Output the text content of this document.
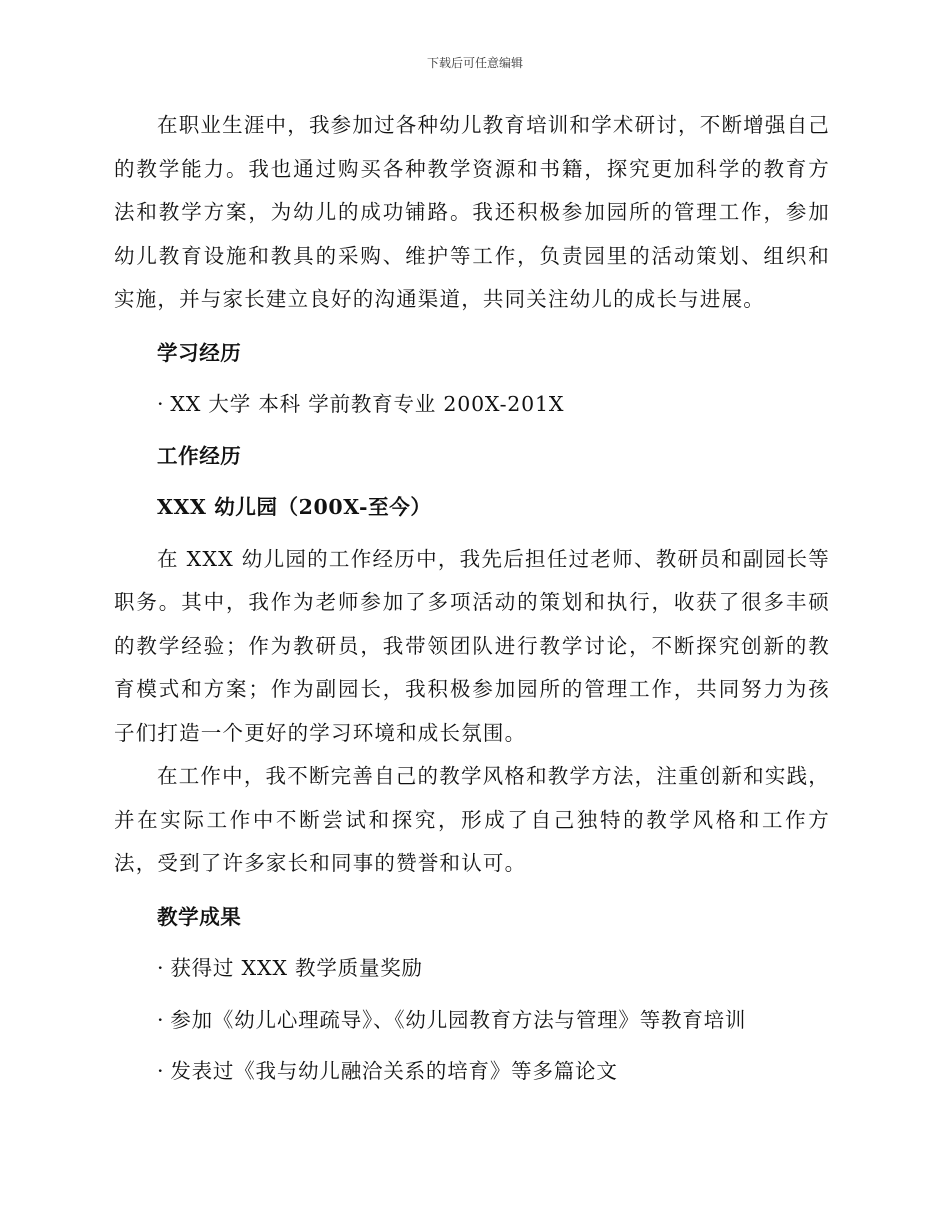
下载后可任意编辑

在职业生涯中，我参加过各种幼儿教育培训和学术研讨，不断增强自己的教学能力。我也通过购买各种教学资源和书籍，探究更加科学的教育方法和教学方案，为幼儿的成功铺路。我还积极参加园所的管理工作，参加幼儿教育设施和教具的采购、维护等工作，负责园里的活动策划、组织和实施，并与家长建立良好的沟通渠道，共同关注幼儿的成长与进展。

学习经历

· XX 大学 本科 学前教育专业 200X-201X

工作经历

XXX 幼儿园（200X-至今）

在 XXX 幼儿园的工作经历中，我先后担任过老师、教研员和副园长等职务。其中，我作为老师参加了多项活动的策划和执行，收获了很多丰硕的教学经验；作为教研员，我带领团队进行教学讨论，不断探究创新的教育模式和方案；作为副园长，我积极参加园所的管理工作，共同努力为孩子们打造一个更好的学习环境和成长氛围。

在工作中，我不断完善自己的教学风格和教学方法，注重创新和实践，并在实际工作中不断尝试和探究，形成了自己独特的教学风格和工作方法，受到了许多家长和同事的赞誉和认可。

教学成果

· 获得过 XXX 教学质量奖励

· 参加《幼儿心理疏导》、《幼儿园教育方法与管理》等教育培训

· 发表过《我与幼儿融洽关系的培育》等多篇论文
